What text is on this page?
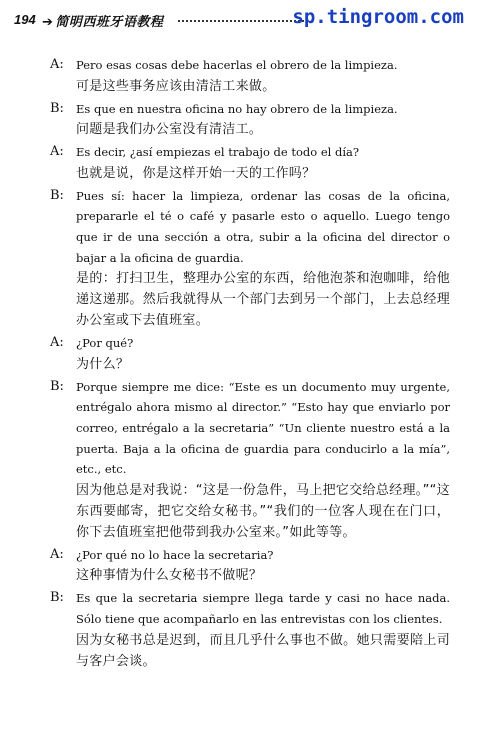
194 ➔ 简明西班牙语教程	sp.tingroom.com
A: Pero esas cosas debe hacerlas el obrero de la limpieza.
可是这些事务应该由清洁工来做。
B: Es que en nuestra oficina no hay obrero de la limpieza.
问题是我们办公室没有清洁工。
A: Es decir, ¿así empiezas el trabajo de todo el día?
也就是说，你是这样开始一天的工作吗？
B: Pues sí: hacer la limpieza, ordenar las cosas de la oficina, prepararle el té o café y pasarle esto o aquello. Luego tengo que ir de una sección a otra, subir a la oficina del director o bajar a la oficina de guardia.
是的：打扫卫生，整理办公室的东西，给他泡茶和泡咖啡，给他递这递那。然后我就得从一个部门去到另一个部门，上去总经理办公室或下去值班室。
A: ¿Por qué?
为什么？
B: Porque siempre me dice: “Este es un documento muy urgente, entrégalo ahora mismo al director.” “Esto hay que enviarlo por correo, entrégalo a la secretaria” “Un cliente nuestro está a la puerta. Baja a la oficina de guardia para conducirlo a la mía”, etc., etc.
因为他总是对我说：“这是一份急件，马上把它交给总经理。”“这东西要邮寄，把它交给女秘书。”“我们的一位客人现在在门口，你下去值班室把他带到我办公室来。”如此等等。
A: ¿Por qué no lo hace la secretaria?
这种事情为什么女秘书不做呢？
B: Es que la secretaria siempre llega tarde y casi no hace nada. Sólo tiene que acompañarlo en las entrevistas con los clientes.
因为女秘书总是迟到，而且几乎什么事也不做。她只需要陪上司与客户会谈。
